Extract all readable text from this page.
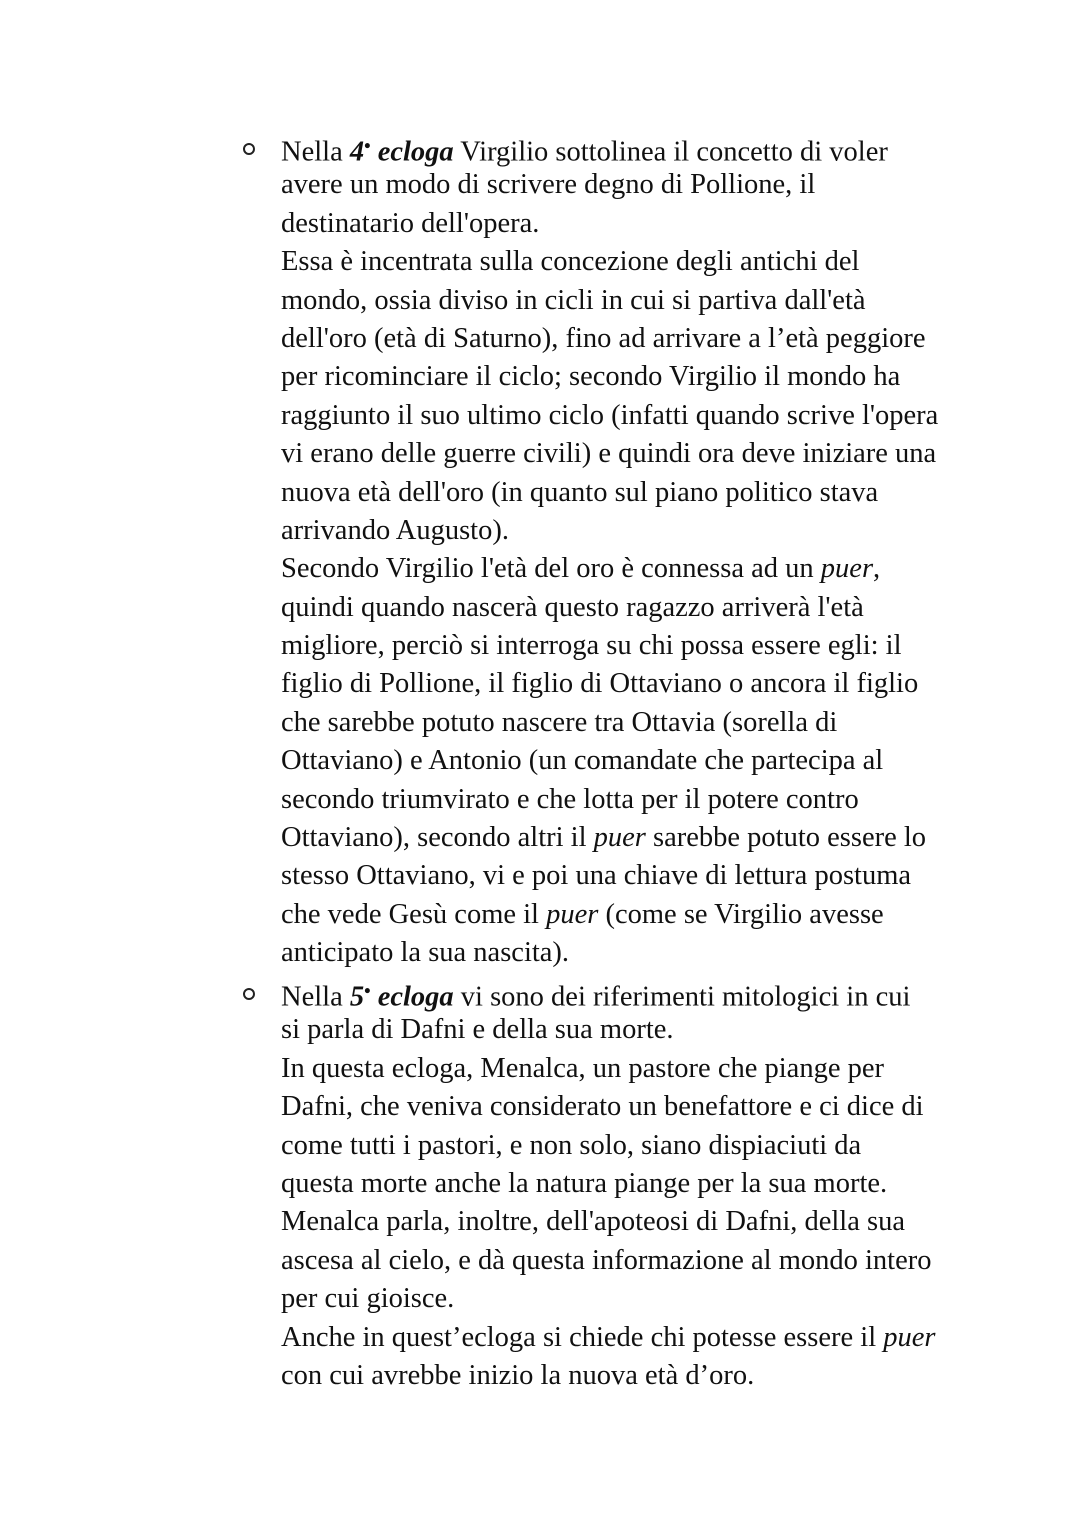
Nella 4• ecloga Virgilio sottolinea il concetto di voler
avere un modo di scrivere degno di Pollione, il
destinatario dell'opera.
Essa è incentrata sulla concezione degli antichi del
mondo, ossia diviso in cicli in cui si partiva dall'età
dell'oro (età di Saturno), fino ad arrivare a l’età peggiore
per ricominciare il ciclo; secondo Virgilio il mondo ha
raggiunto il suo ultimo ciclo (infatti quando scrive l'opera
vi erano delle guerre civili) e quindi ora deve iniziare una
nuova età dell'oro (in quanto sul piano politico stava
arrivando Augusto).
Secondo Virgilio l'età del oro è connessa ad un puer,
quindi quando nascerà questo ragazzo arriverà l'età
migliore, perciò si interroga su chi possa essere egli: il
figlio di Pollione, il figlio di Ottaviano o ancora il figlio
che sarebbe potuto nascere tra Ottavia (sorella di
Ottaviano) e Antonio (un comandate che partecipa al
secondo triumvirato e che lotta per il potere contro
Ottaviano), secondo altri il puer sarebbe potuto essere lo
stesso Ottaviano, vi e poi una chiave di lettura postuma
che vede Gesù come il puer (come se Virgilio avesse
anticipato la sua nascita).
Nella 5• ecloga vi sono dei riferimenti mitologici in cui
si parla di Dafni e della sua morte.
In questa ecloga, Menalca, un pastore che piange per
Dafni, che veniva considerato un benefattore e ci dice di
come tutti i pastori, e non solo, siano dispiaciuti da
questa morte anche la natura piange per la sua morte.
Menalca parla, inoltre, dell'apoteosi di Dafni, della sua
ascesa al cielo, e dà questa informazione al mondo intero
per cui gioisce.
Anche in quest’ecloga si chiede chi potesse essere il puer
con cui avrebbe inizio la nuova età d’oro.
